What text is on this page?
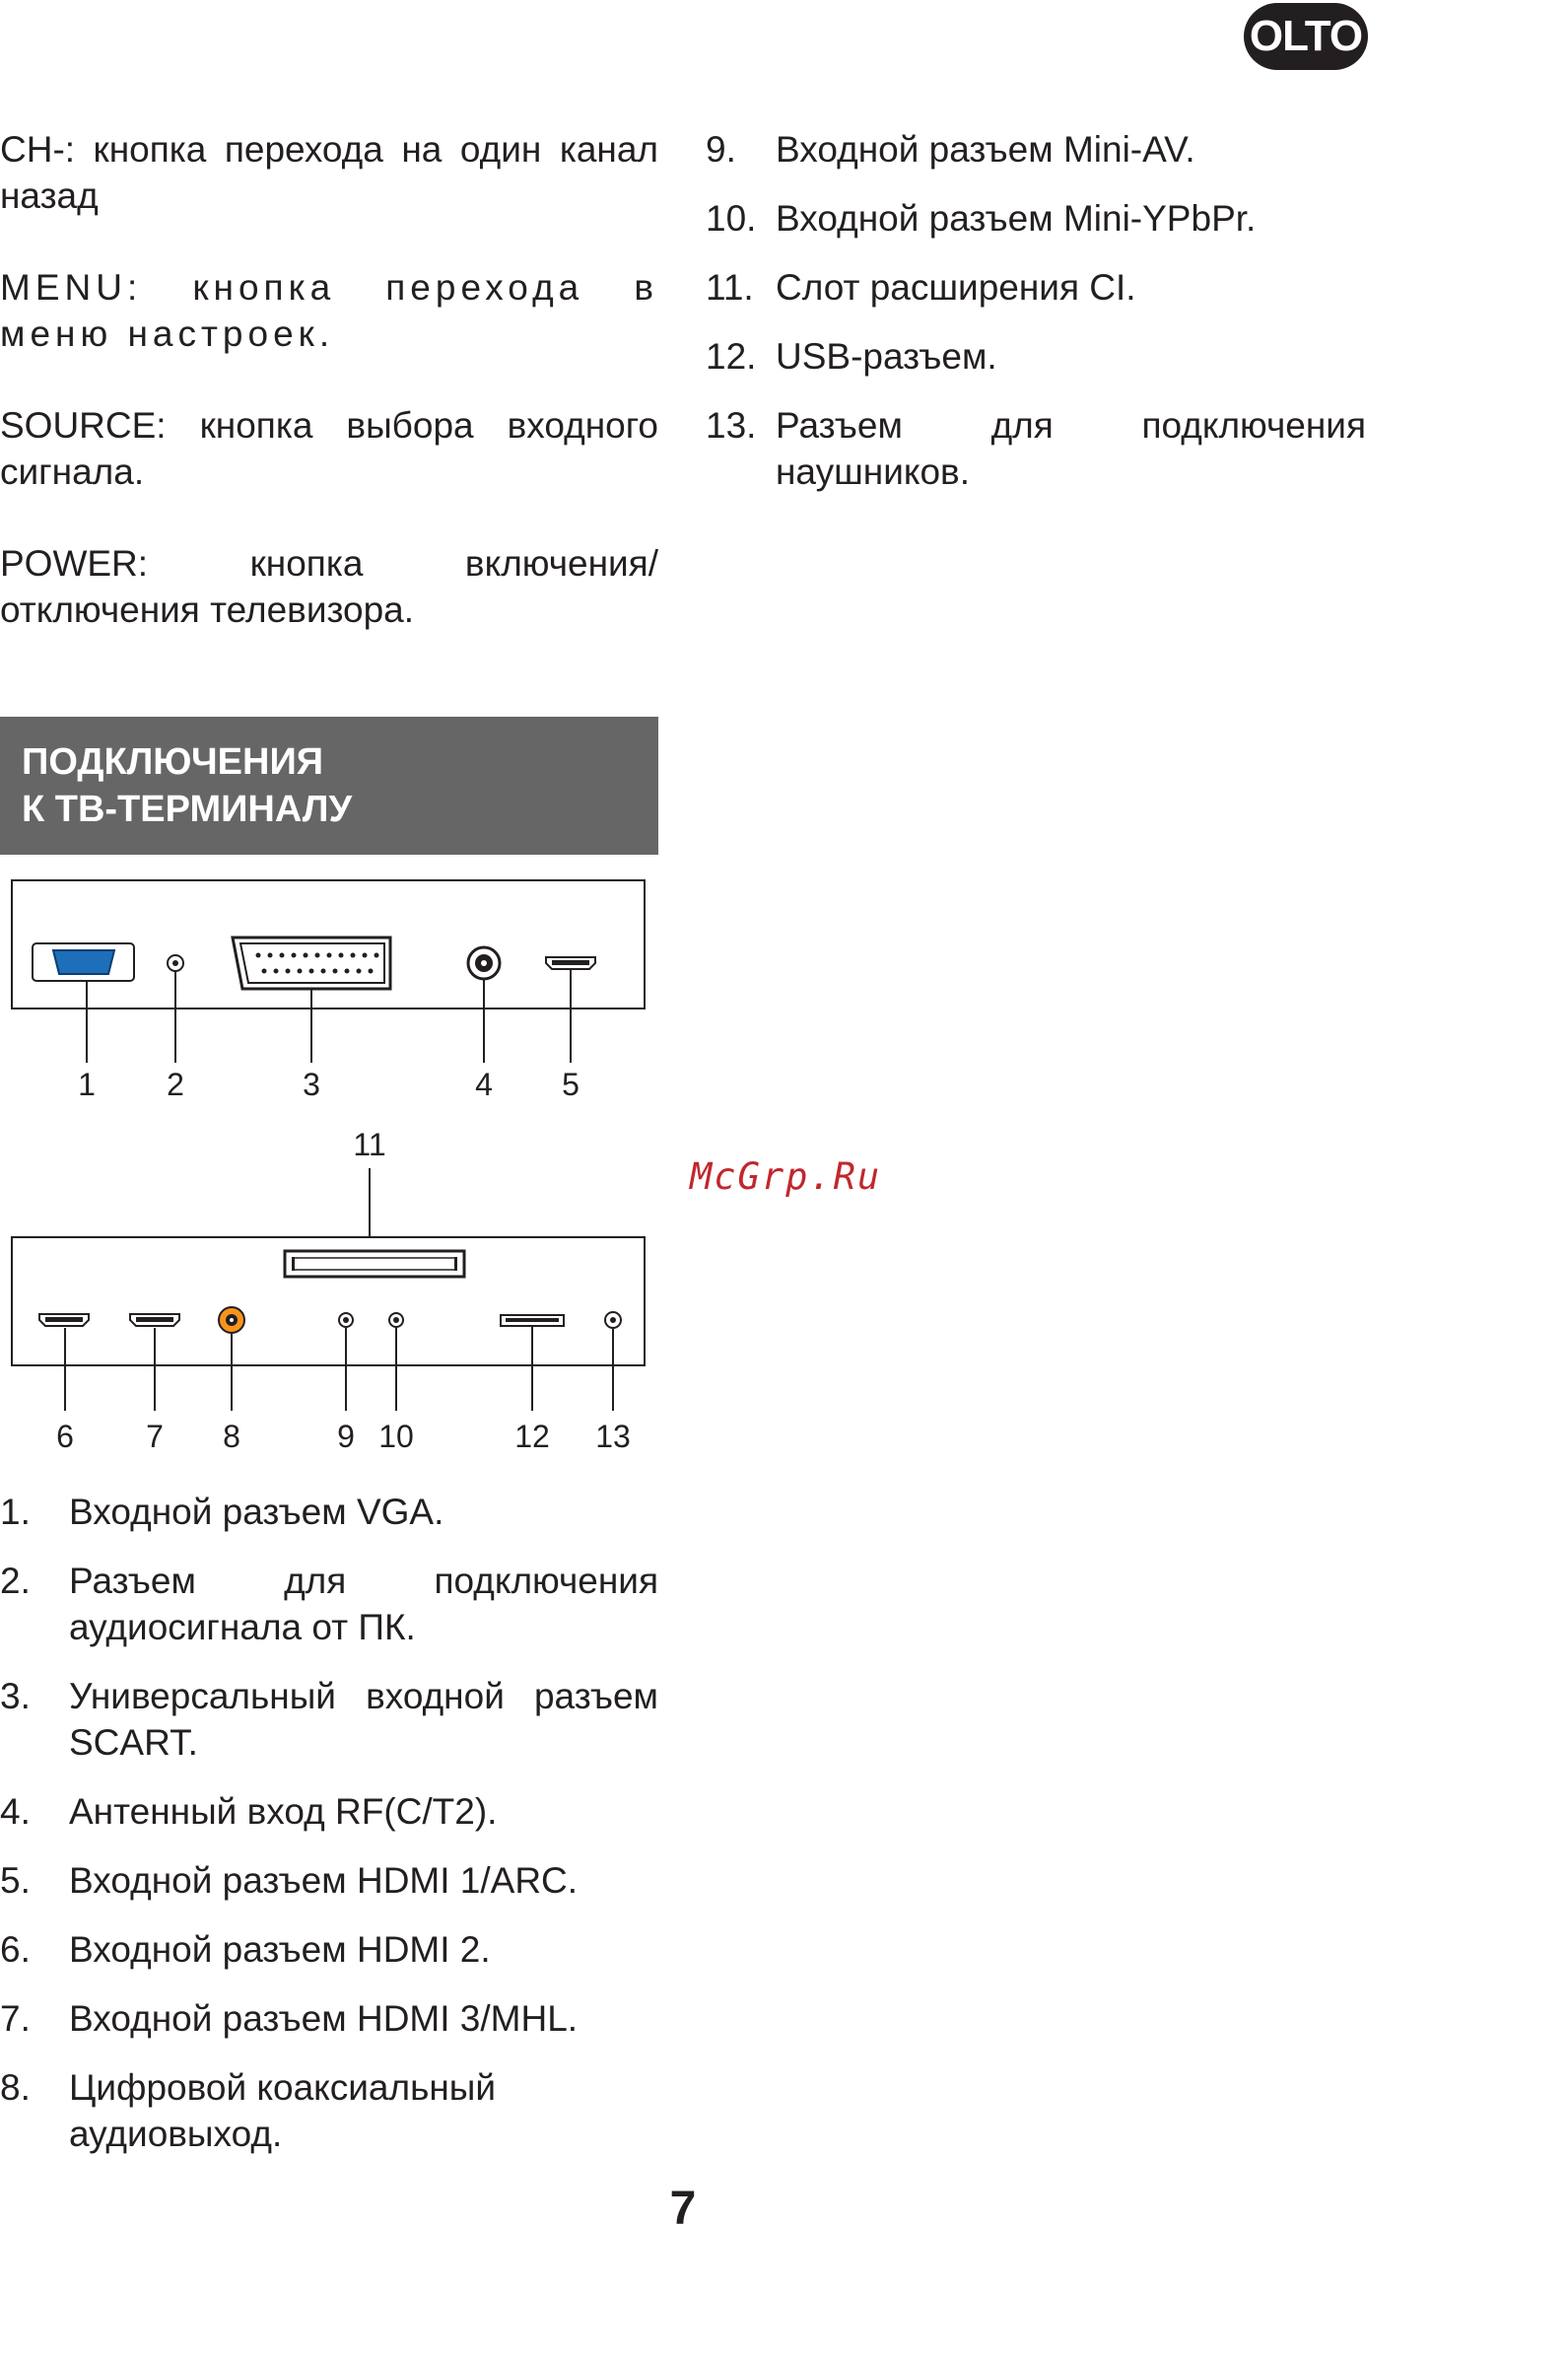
OLTO
CH-: кнопка перехода на один канал назад
MENU: кнопка перехода в меню настроек.
SOURCE: кнопка выбора входного сигнала.
POWER: кнопка включения/отключения телевизора.
ПОДКЛЮЧЕНИЯ
К ТВ-ТЕРМИНАЛУ
1 2	3	4 5
11
6 7 8	9 10	12 13
1. Входной разъем VGA.
2. Разъем для подключения аудиосигнала от ПК.
3. Универсальный входной разъем SCART.
4. Антенный вход RF(C/T2).
5. Входной разъем HDMI 1/ARC.
6. Входной разъем HDMI 2.
7. Входной разъем HDMI 3/MHL.
8. Цифровой коаксиальный аудиовыход.
9. Входной разъем Mini-AV.
10. Входной разъем Mini-YPbPr.
11. Слот расширения CI.
12. USB-разъем.
13. Разъем для подключения наушников.
McGrp.Ru
7
